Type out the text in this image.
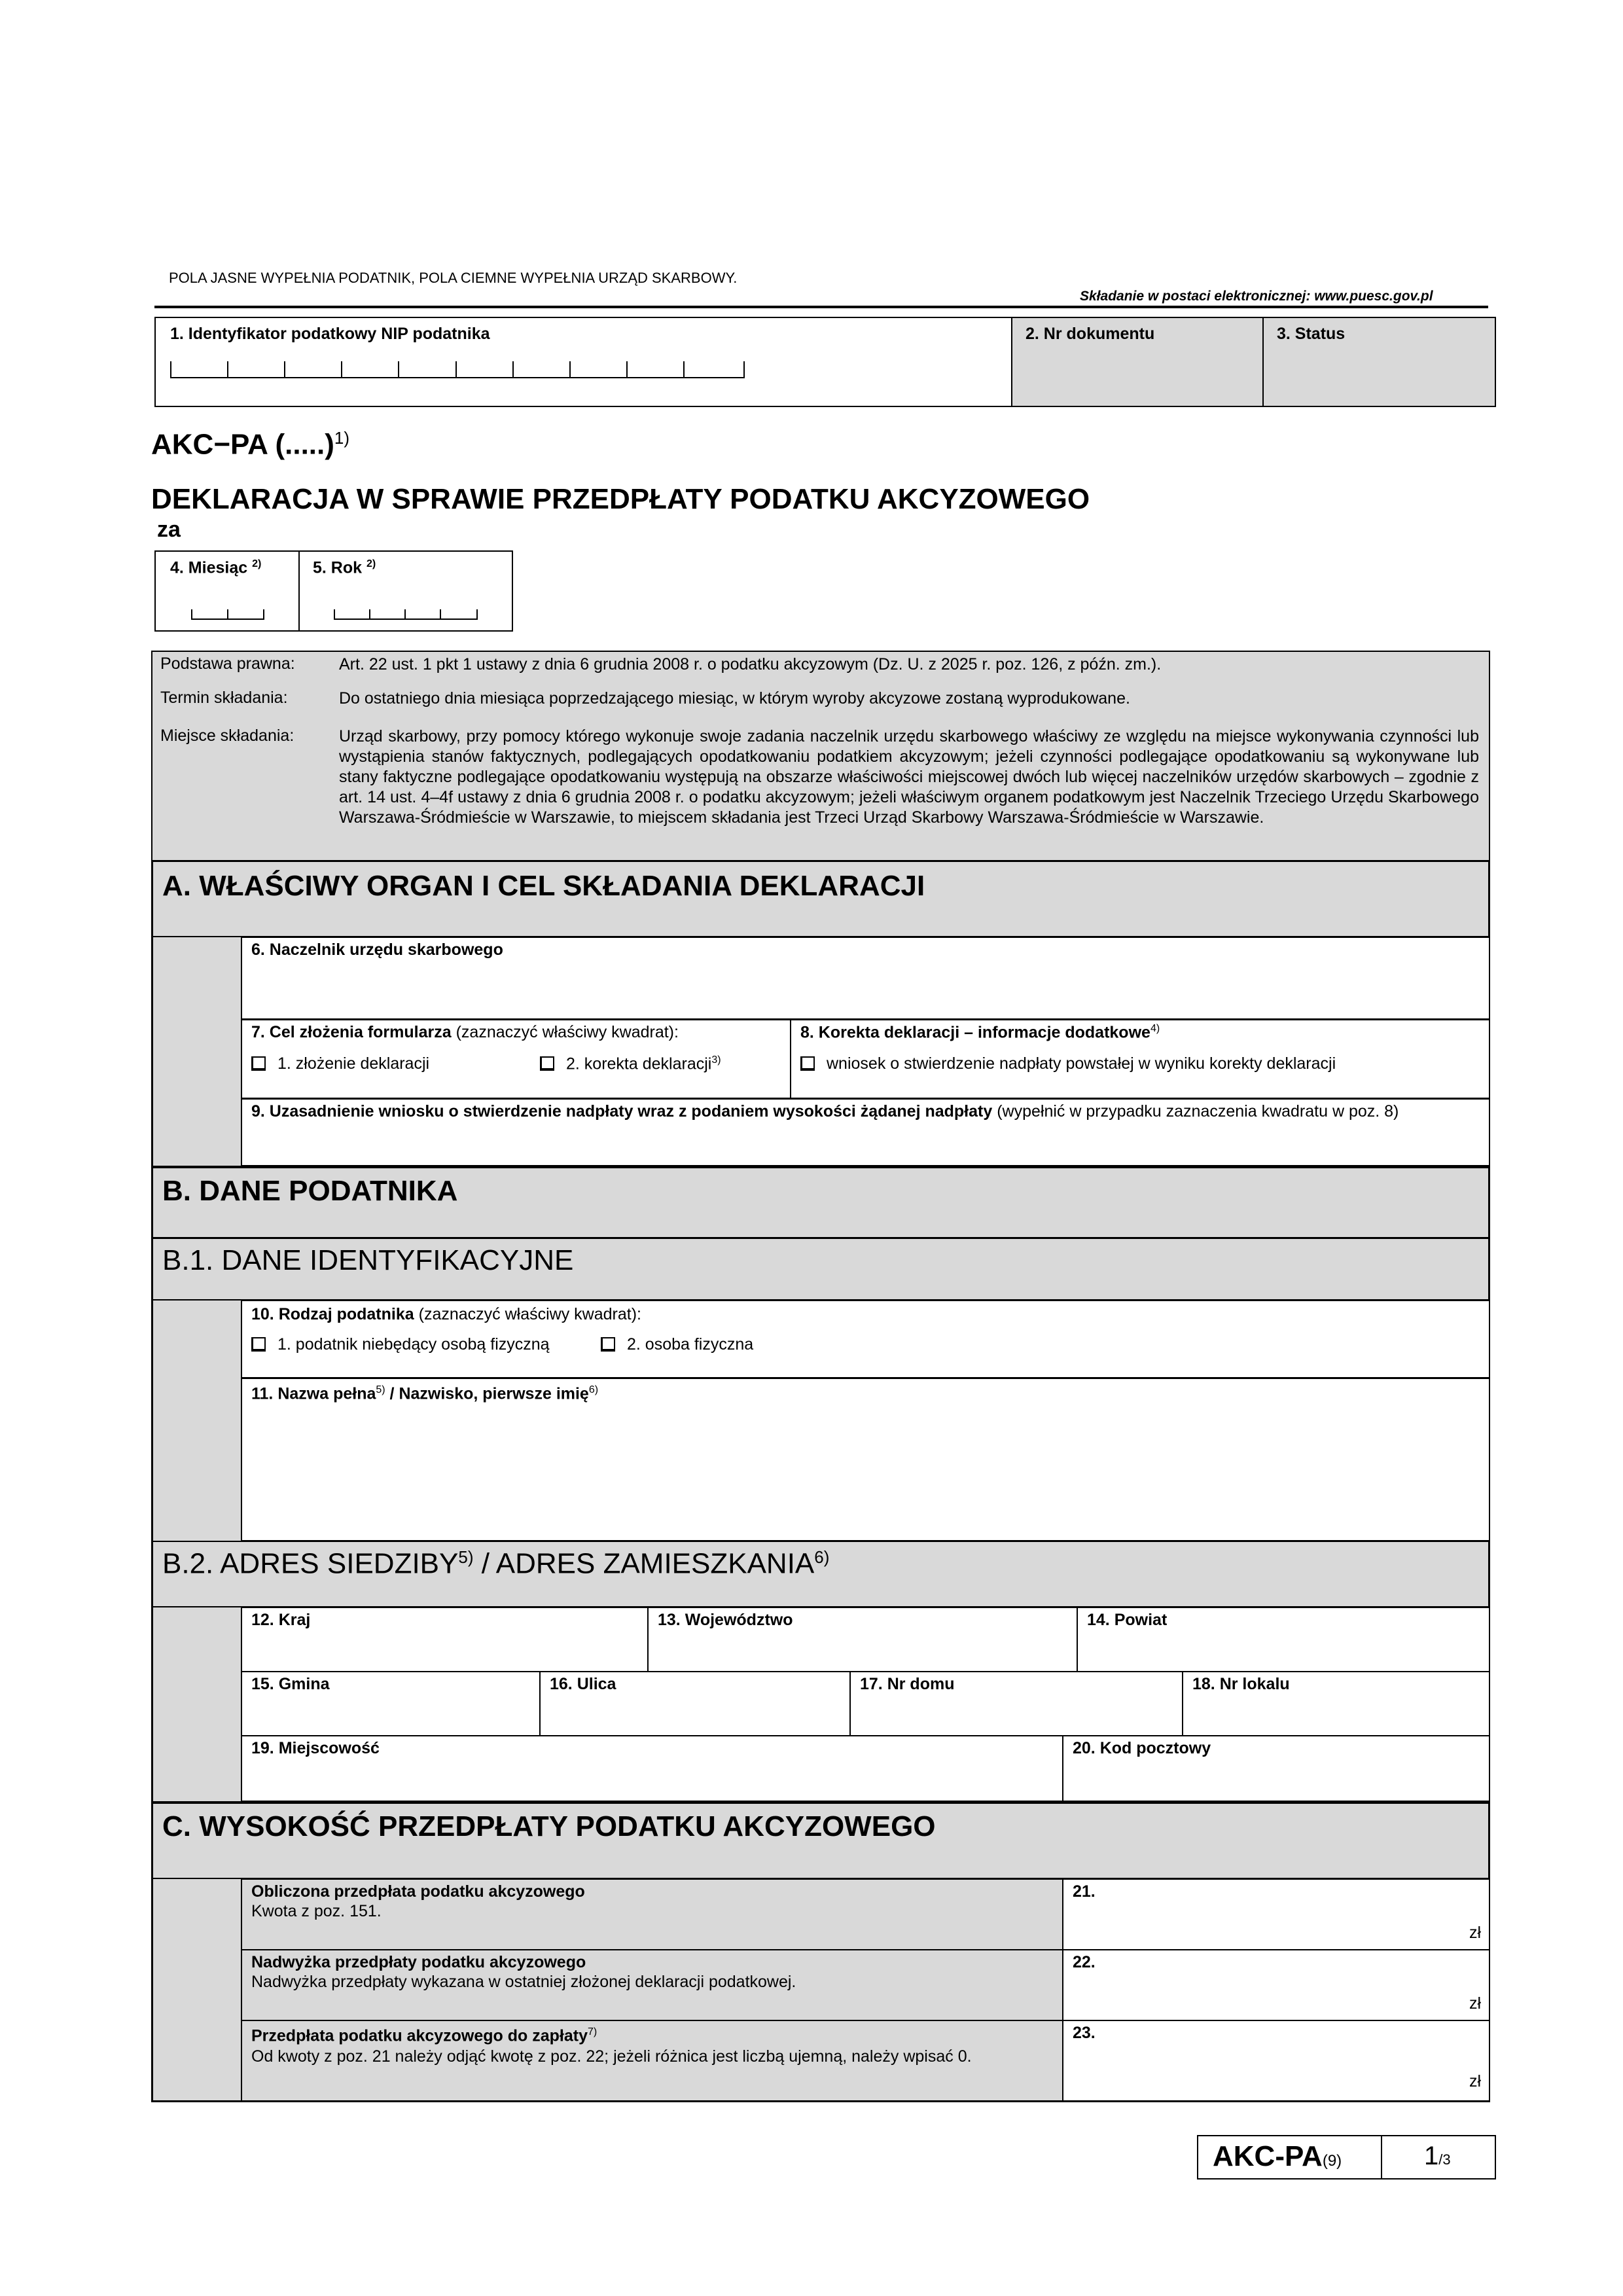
POLA JASNE WYPEŁNIA PODATNIK, POLA CIEMNE WYPEŁNIA URZĄD SKARBOWY.
Składanie w postaci elektronicznej: www.puesc.gov.pl
1. Identyfikator podatkowy NIP podatnika	2. Nr dokumentu	3. Status
AKC−PA (.....)$^{1)}$
DEKLARACJA W SPRAWIE PRZEDPŁATY PODATKU AKCYZOWEGO
za
4. Miesiąc $^{2)}$	5. Rok $^{2)}$
Podstawa prawna:	Art. 22 ust. 1 pkt 1 ustawy z dnia 6 grudnia 2008 r. o podatku akcyzowym (Dz. U. z 2025 r. poz. 126, z późn. zm.).
Termin składania:	Do ostatniego dnia miesiąca poprzedzającego miesiąc, w którym wyroby akcyzowe zostaną wyprodukowane.
Miejsce składania:	Urząd skarbowy, przy pomocy którego wykonuje swoje zadania naczelnik urzędu skarbowego właściwy ze względu na miejsce wykonywania czynności lub wystąpienia stanów faktycznych, podlegających opodatkowaniu podatkiem akcyzowym; jeżeli czynności podlegające opodatkowaniu są wykonywane lub stany faktyczne podlegające opodatkowaniu występują na obszarze właściwości miejscowej dwóch lub więcej naczelników urzędów skarbowych – zgodnie z art. 14 ust. 4–4f ustawy z dnia 6 grudnia 2008 r. o podatku akcyzowym; jeżeli właściwym organem podatkowym jest Naczelnik Trzeciego Urzędu Skarbowego Warszawa-Śródmieście w Warszawie, to miejscem składania jest Trzeci Urząd Skarbowy Warszawa-Śródmieście w Warszawie.
A. WŁAŚCIWY ORGAN I CEL SKŁADANIA DEKLARACJI
6. Naczelnik urzędu skarbowego
7. Cel złożenia formularza (zaznaczyć właściwy kwadrat):
1. złożenie deklaracji	2. korekta deklaracji$^{3)}$
8. Korekta deklaracji – informacje dodatkowe$^{4)}$
wniosek o stwierdzenie nadpłaty powstałej w wyniku korekty deklaracji
9. Uzasadnienie wniosku o stwierdzenie nadpłaty wraz z podaniem wysokości żądanej nadpłaty (wypełnić w przypadku zaznaczenia kwadratu w poz. 8)
B. DANE PODATNIKA
B.1. DANE IDENTYFIKACYJNE
10. Rodzaj podatnika (zaznaczyć właściwy kwadrat):
1. podatnik niebędący osobą fizyczną	2. osoba fizyczna
11. Nazwa pełna$^{5)}$ / Nazwisko, pierwsze imię$^{6)}$
B.2. ADRES SIEDZIBY$^{5)}$ / ADRES ZAMIESZKANIA$^{6)}$
12. Kraj	13. Województwo	14. Powiat
15. Gmina	16. Ulica	17. Nr domu	18. Nr lokalu
19. Miejscowość	20. Kod pocztowy
C. WYSOKOŚĆ PRZEDPŁATY PODATKU AKCYZOWEGO
Obliczona przedpłata podatku akcyzowego
Kwota z poz. 151.
21.
zł
Nadwyżka przedpłaty podatku akcyzowego
Nadwyżka przedpłaty wykazana w ostatniej złożonej deklaracji podatkowej.
22.
zł
Przedpłata podatku akcyzowego do zapłaty$^{7)}$
Od kwoty z poz. 21 należy odjąć kwotę z poz. 22; jeżeli różnica jest liczbą ujemną, należy wpisać 0.
23.
zł
AKC-PA(9)	1/3
